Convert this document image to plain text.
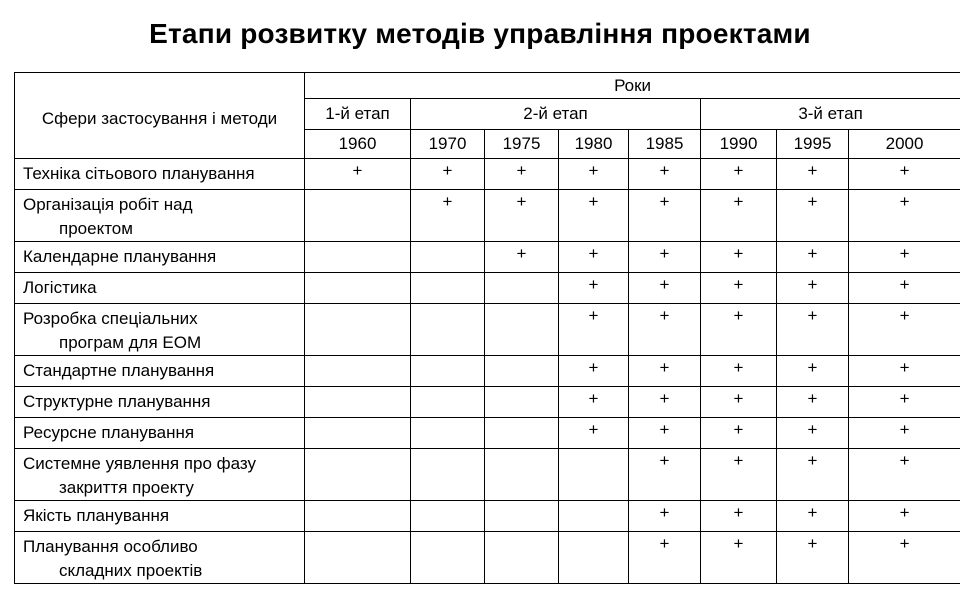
Етапи розвитку методів управління проектами
Сфери застосування і методи	Роки							
	1-й етап	2-й етап				3-й етап		
	1960	1970	1975	1980	1985	1990	1995	2000
Техніка сітьового планування	+	+	+	+	+	+	+	+
Організація робіт над
проектом		+	+	+	+	+	+	+
Календарне планування			+	+	+	+	+	+
Логістика				+	+	+	+	+
Розробка спеціальних
програм для ЕОМ				+	+	+	+	+
Стандартне планування				+	+	+	+	+
Структурне планування				+	+	+	+	+
Ресурсне планування				+	+	+	+	+
Системне уявлення про фазу
закриття проекту					+	+	+	+
Якість планування					+	+	+	+
Планування особливо
складних проектів					+	+	+	+
